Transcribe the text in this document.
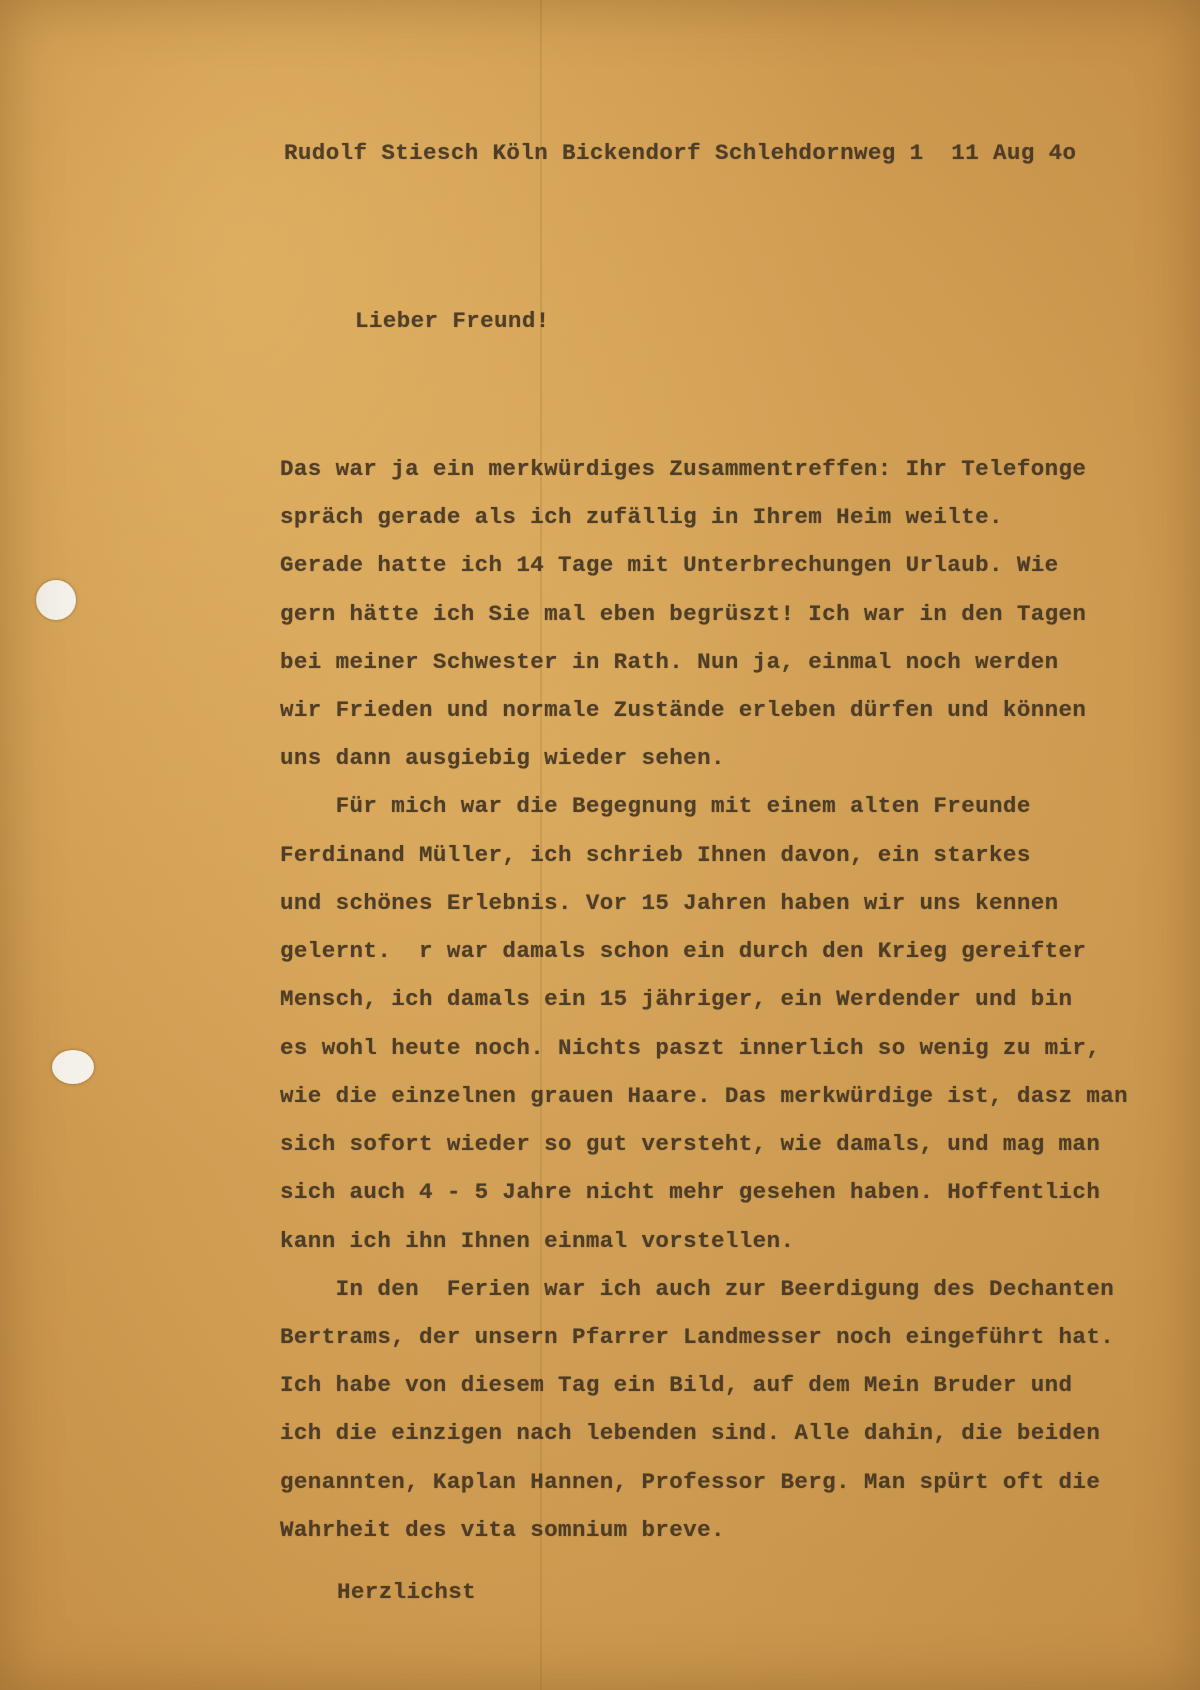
Rudolf Stiesch Köln Bickendorf Schlehdornweg 1  11 Aug 4o
Lieber Freund!
Das war ja ein merkwürdiges Zusammentreffen: Ihr Telefonge
spräch gerade als ich zufällig in Ihrem Heim weilte.
Gerade hatte ich 14 Tage mit Unterbrechungen Urlaub. Wie
gern hätte ich Sie mal eben begrüszt! Ich war in den Tagen
bei meiner Schwester in Rath. Nun ja, einmal noch werden
wir Frieden und normale Zustände erleben dürfen und können
uns dann ausgiebig wieder sehen.
Für mich war die Begegnung mit einem alten Freunde
Ferdinand Müller, ich schrieb Ihnen davon, ein starkes
und schönes Erlebnis. Vor 15 Jahren haben wir uns kennen
gelernt.  r war damals schon ein durch den Krieg gereifter
Mensch, ich damals ein 15 jähriger, ein Werdender und bin
es wohl heute noch. Nichts paszt innerlich so wenig zu mir,
wie die einzelnen grauen Haare. Das merkwürdige ist, dasz man
sich sofort wieder so gut versteht, wie damals, und mag man
sich auch 4 - 5 Jahre nicht mehr gesehen haben. Hoffentlich
kann ich ihn Ihnen einmal vorstellen.
In den  Ferien war ich auch zur Beerdigung des Dechanten
Bertrams, der unsern Pfarrer Landmesser noch eingeführt hat.
Ich habe von diesem Tag ein Bild, auf dem Mein Bruder und
ich die einzigen nach lebenden sind. Alle dahin, die beiden
genannten, Kaplan Hannen, Professor Berg. Man spürt oft die
Wahrheit des vita somnium breve.
Herzlichst
